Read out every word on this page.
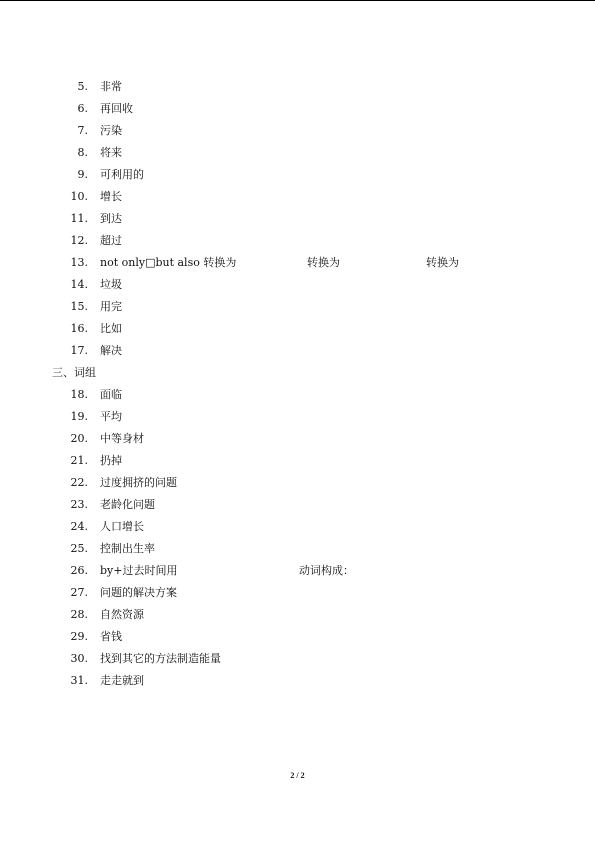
5. 非常
6. 再回收
7. 污染
8. 将来
9. 可利用的
10. 增长
11. 到达
12. 超过
13. not only□but also 转换为	转换为	转换为
14. 垃圾
15. 用完
16. 比如
17. 解决
三、词组
18. 面临
19. 平均
20. 中等身材
21. 扔掉
22. 过度拥挤的问题
23. 老龄化问题
24. 人口增长
25. 控制出生率
26. by+过去时间用	动词构成：
27. 问题的解决方案
28. 自然资源
29. 省钱
30. 找到其它的方法制造能量
31. 走走就到
2 / 2
